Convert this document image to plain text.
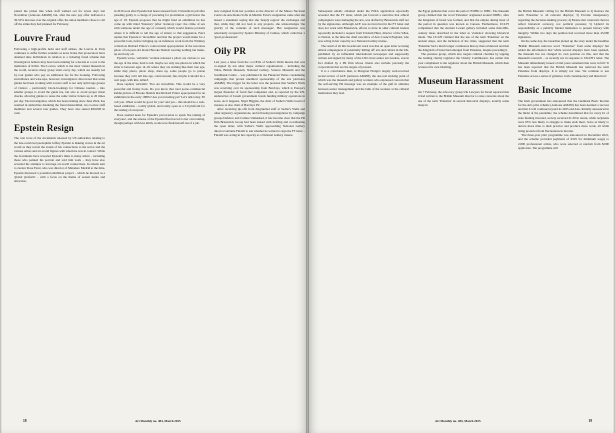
joined the picket line when staff walked out for seven days last November (Artnotes AM482) but, after the new pay offer delivered a 30-50% increase over the original offer, the union members chose to call off the strike they had planned for February.

Louvre Fraud

Following a high-profile heist and staff strikes, the Louvre in Paris continues to suffer further scandals as news broke that prosecutors have detained nine individuals in relation to a ticketing fraud scheme that investigators believe may have been running for a decade at a cost to the institution of €10m. The Louvre, which is the most visited museum in the world, receives many group visits every day, which are usually led by tour guides who pay an additional fee for the booking. Following surveillance and wire-taps, however, investigators discovered that some guides had been working with Louvre staff to not only split large groups of visitors – particularly block-bookings for Chinese tourists – into smaller groups to avoid the guide fee, but also to avoid proper ticket checks, allowing guides to reuse the same visitor tickets up to 20 times per day. The investigation, which has been running since June 2024, has resulted in authorities detaining the fraud mastermind, two Louvre staff members and several tour guides. They have also seized €60,000 in cash.

Epstein Resign

The vast trove of the documents released by US authorities relating to the late-convicted paedophile Jeffrey Epstein is making waves in the art world as they reveal the extent of his connections to the sector and the various artists and art-world figures with whom he was in contact. While the documents have revealed Epstein's links to many artists – including those who painted his portrait and sold him work – they have also revealed his attempts to leverage art-world connections. In emails sent to curator Rosa Ferré, who was director of Matadero Madrid at the time, Epstein discussed a potential exhibition project – which he mooted as a 'global platform' – with a focus on the theme of sexual desire and attraction.

in 2010 soon after Epstein had been released from 13 months in jail after pleading guilty to a charge of procuring for prostitution a girl below the age of 18. Epstein proposes that he might fund an exhibition he has come up with titled 'Statutory' (after 'statutory rape', the crime of sex with someone under the age of consent) which would feature portraits where it is difficult to tell the age of sitters; to this suggestion, Ferré replies that Epstein is 'incredible' and that the project would make for a powerful look, before bringing up an infamous work from the Whitney collection: Richard Prince's controversial appropriation of the notorious photo of ten-year-old model Brooke Shields wearing nothing but make-up and body oil.

Epstein wrote, verbatim: 'woman released a photo are curious to see the age of the sitter, hard to tell. maybe we only use photos in which the sitter is between ages 14-18, where they are nothing like their true age, smile may photo, photo shop, dress up, some people go to prison because they can't tell true age, controversial, fun, maybe it should be a web page, with kits, tallied'.

Rosa replied, verbatim: 'You are incredible. This would be a very powerful and freaky book. Do you know that total porno-commercial kiddie picture of Brooke Shields that Richard Prince appropriated for an exhibition in the early 1980's? Are you traveling yet? Let's talk today. I'll call you. When would be good for you? and yes... this should be a web-based exhibition – totally global, and totally open as a 3.0 platform for the ranting of everyone'.

Rosa seemed keen for Epstein's provocation to spark 'the ranting of everyone', and the release of the Epstein files has led to her own ranting, though perhaps with less mirth, as she now finds herself out of a job.

now resigned from her position as the director of the Museo Nacional Centro de Arte Reina Sofía in Madrid. Ferré's resignation came after she issued a statement saying that she 'deeply regrets' the exchanges and that, while they did not lead to any projects, she acknowledges 'the gravity of the contents of such messages'. Her resignation was reluctantly accepted by Spain's Ministry of Culture, which called her a 'great professional'.

Oily PR

Last year, a letter from the co-CEOs of Sadler's Wells theatre that was co-signed by ten other major cultural organisations – including the V&A, British Museum, National Gallery, Science Museum and the Southbank Centre – was published in the Financial Times condemning campaigns that protest unethical sponsorship of the arts (Artnotes AM480). The trigger for the letter was the pressure that Sadler's Wells was receiving over its sponsorship from Barclays, which is Europe's largest financier of fossil fuel companies and, as reported by the UN, underwriter of Israeli government bonds funding military operations in Gaza. As it happens, Nigel Higgins, the chair of Sadler's Wells board of trustees, is also chair of Barclays Plc.

After receiving tip-offs from disgruntled staff at Sadler's Wells and other signatory organisations, and following investigations by campaign groups Defence and Culture Unmasked, it has become clear that the PR firm Brunswick Group had been tasked with drafting and coordinating the open letter, with Sadler's Wells approaching National Gallery director Gabriele Finaldi to ask whether he wanted to sign the FT letter – Finaldi was acting in her capacity as a National Gallery trustee.

18	Art Monthly no. 484, March 2025

Subsequent emails obtained under the FOIA application reportedly revealed that the FT letter, which put forward a narrative that ethical campaigners were damaging the arts, was drafted by Brunswick staff not by the signatories. Although ACE was not involved in the FT letter and does not work with Brunswick, efforts to draw in other cultural leaders reportedly included a request from Tristram Hunt, director of the V&A, to Nelson, at the time the chief executive of Arts Council England, who was acting in her capacity as a National Gallery trustee.

The result of all this boardroom work was that an open letter accusing ethical campaigners of potentially 'killing off' arts and culture in the UK, published by an influential international newspaper and supposedly written and signed by many of the UK's most senior arts leaders, was in fact drafted by a PR firm whose clients also include precisely the corporations that are the targets of protests.

It is a coincidence then, is Margaret Hodge's largely well-received recent review of ACE (Artnotes AM483), the one real sticking point of which was the museum and gallery workers who expressed concern that the self-serving PR message was an example of the gulf in attitudes between senior management and the bulk of the workers at the cultural institutions they lead.

the Egypt galleries that cover the period 1550BC to 30BC. The museum group claimed that the word 'Palestine' originated around 500BC, after the Kingdom of Israel was formed, and that the empire during most of the period in question was known as Canaan. Furthermore, UCLFI complained that the Ancient Levant gallery included some mid-20th-century ideas described in the label as 'evidence' showing historical intent. The UCLFI claimed that the use of the term 'Palestine' on the ancient maps, and the inclusion of the cities, suggested that the term 'Palestine' had a much longer continuous history than evidenced and that the Kingdom of Israel had emerged from Palestine, despite preceding it.

The pressure group, which also targets cultural charities by tapping the leading charity regulator the Charity Commission, has earlier this year complained to the regulator about the British Museum, which then reviewed its own labelling.

Museum Harassment

On 7 February, the advocacy group UK Lawyers for Israel reported that it had written to the British Museum director to raise concerns about the use of the term 'Palestine' in several historical displays, notably some maps in

the British Museum' calling for the British Museum to 2) Restore the term 'Palestine' to all relevant displays; 3) Provide transparency regarding the decision-making process; 4) Ensure that curatorial choices reflect historical accuracy, not political pressure; 5) Uphold its responsibility as a publicly funded institution to present history with integrity. Within two days the petition had received more than 45,000 signatures.

On the same day, the Guardian picked up the story under the headline 'British Museum removes word "Palestine" from some displays' but added the information that 'while several displays have been updated, the museum has not changed its own position on this, and that the museum's research – as recently not in response to UKLFI's letter. The Museum immediately issued a brief press statement that read, in full: 'It has been reported that the British Museum has removed the term Palestine from displays. It is simply not true. We continue to use Palestine across a series of galleries, both contemporary and historical.'

Basic Income

The Irish government has announced that the landmark Basic Income for the Arts pilot scheme (Artnotes AM456) has been deemed a success and that it will continue beyond its 2025 end date. Initially announced in the midst of the pandemic, the scheme determined that for every €1 of state funding invested, society received €1.39 in return, while recipients were 93% less likely to struggle to make ends meet, twice as likely to devote more time to their practice and produce more work, all while being protected from fluctuations in income.

'The three-year pilot programme was announced in December 2021, and the scheme provided payments of €325 for minimum wage) to 2,000 professional artists, who were selected at random from 8,000 applicants. The programme will

Art Monthly no. 484, March 2025	19
